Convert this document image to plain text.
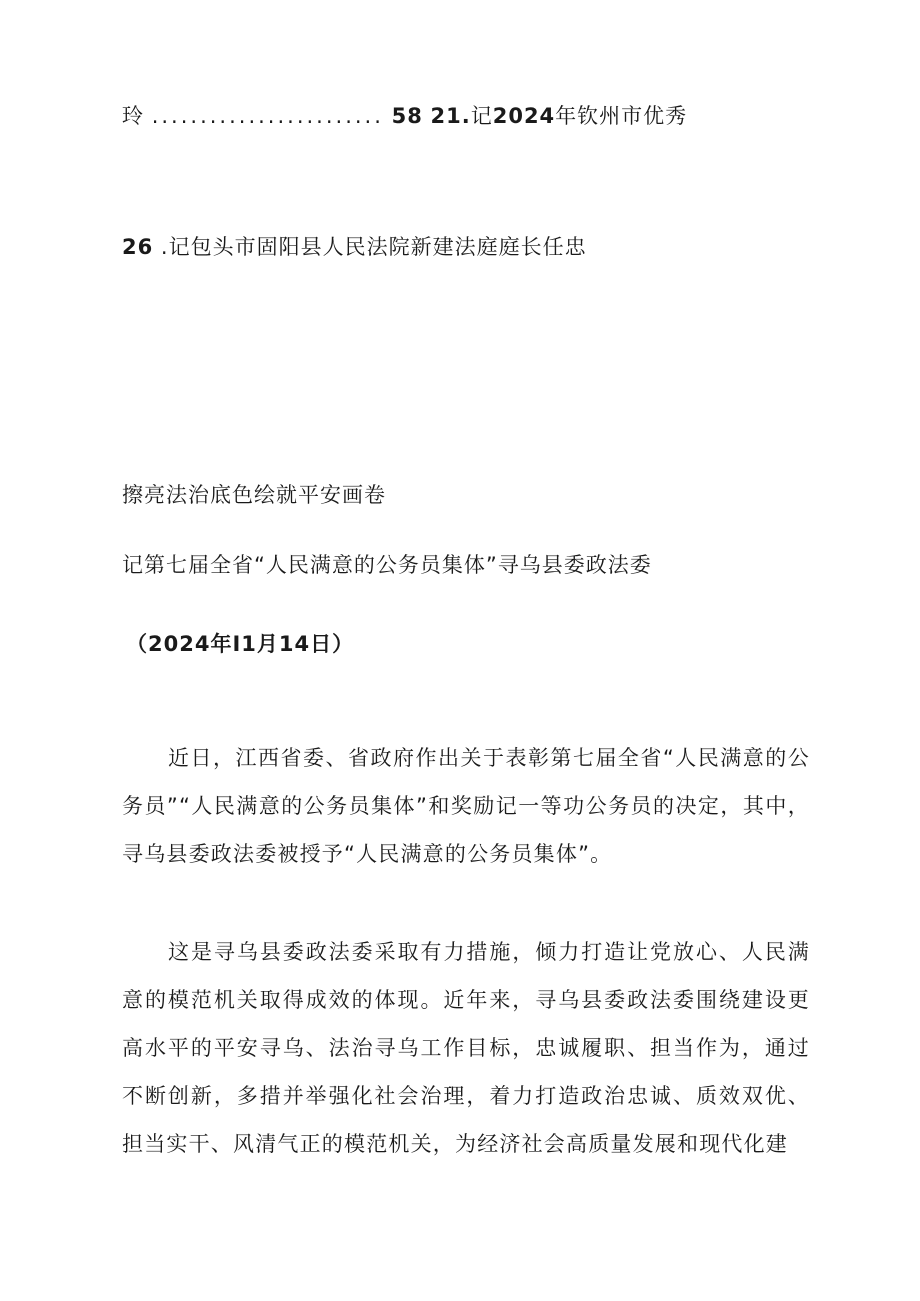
玲 ........................ 58 21.记2024年钦州市优秀
26 .记包头市固阳县人民法院新建法庭庭长任忠
擦亮法治底色绘就平安画卷
记第七届全省“人民满意的公务员集体”寻乌县委政法委
（2024年I1月14日）

近日，江西省委、省政府作出关于表彰第七届全省“人民满意的公务员”“人民满意的公务员集体”和奖励记一等功公务员的决定，其中，寻乌县委政法委被授予“人民满意的公务员集体”。

这是寻乌县委政法委采取有力措施，倾力打造让党放心、人民满意的模范机关取得成效的体现。近年来，寻乌县委政法委围绕建设更高水平的平安寻乌、法治寻乌工作目标，忠诚履职、担当作为，通过不断创新，多措并举强化社会治理，着力打造政治忠诚、质效双优、担当实干、风清气正的模范机关，为经济社会高质量发展和现代化建
